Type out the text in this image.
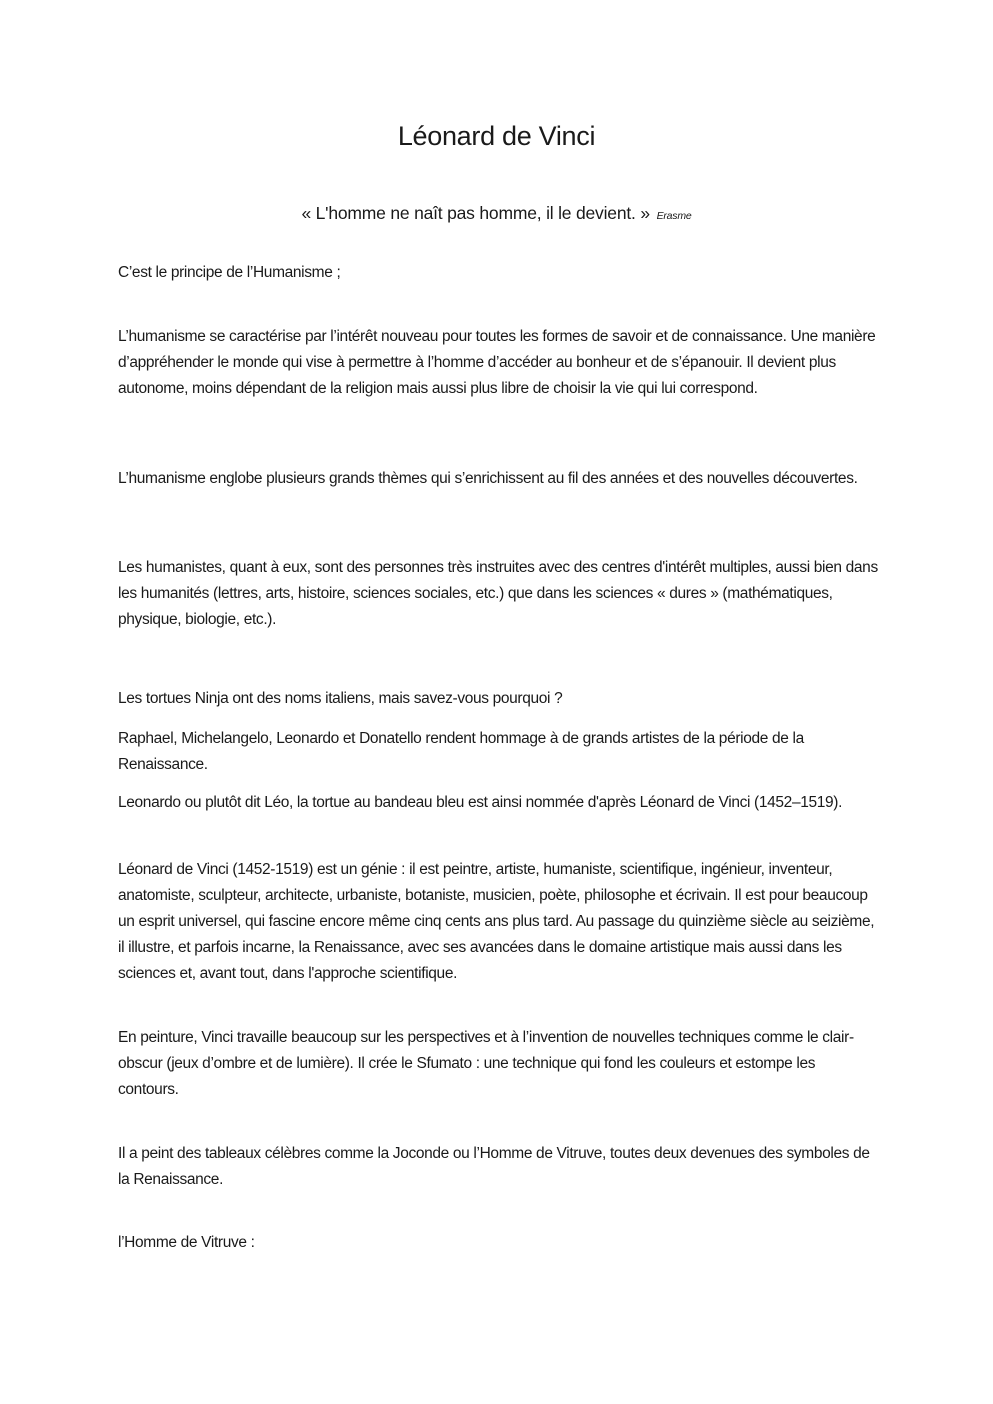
Léonard de Vinci

« L'homme ne naît pas homme, il le devient. » Erasme

C’est le principe de l’Humanisme ;

L’humanisme se caractérise par l’intérêt nouveau pour toutes les formes de savoir et de connaissance. Une manière d’appréhender le monde qui vise à permettre à l’homme d’accéder au bonheur et de s’épanouir. Il devient plus autonome, moins dépendant de la religion mais aussi plus libre de choisir la vie qui lui correspond.

L’humanisme englobe plusieurs grands thèmes qui s’enrichissent au fil des années et des nouvelles découvertes.

Les humanistes, quant à eux, sont des personnes très instruites avec des centres d'intérêt multiples, aussi bien dans les humanités (lettres, arts, histoire, sciences sociales, etc.) que dans les sciences « dures » (mathématiques, physique, biologie, etc.).

Les tortues Ninja ont des noms italiens, mais savez-vous pourquoi ?

Raphael, Michelangelo, Leonardo et Donatello rendent hommage à de grands artistes de la période de la Renaissance.

Leonardo ou plutôt dit Léo, la tortue au bandeau bleu est ainsi nommée d'après Léonard de Vinci (1452–1519).

Léonard de Vinci (1452-1519) est un génie : il est peintre, artiste, humaniste, scientifique, ingénieur, inventeur, anatomiste, sculpteur, architecte, urbaniste, botaniste, musicien, poète, philosophe et écrivain. Il est pour beaucoup un esprit universel, qui fascine encore même cinq cents ans plus tard. Au passage du quinzième siècle au seizième, il illustre, et parfois incarne, la Renaissance, avec ses avancées dans le domaine artistique mais aussi dans les sciences et, avant tout, dans l'approche scientifique.

En peinture, Vinci travaille beaucoup sur les perspectives et à l’invention de nouvelles techniques comme le clair-obscur (jeux d’ombre et de lumière). Il crée le Sfumato : une technique qui fond les couleurs et estompe les contours.

Il a peint des tableaux célèbres comme la Joconde ou l’Homme de Vitruve, toutes deux devenues des symboles de la Renaissance.

l’Homme de Vitruve :
